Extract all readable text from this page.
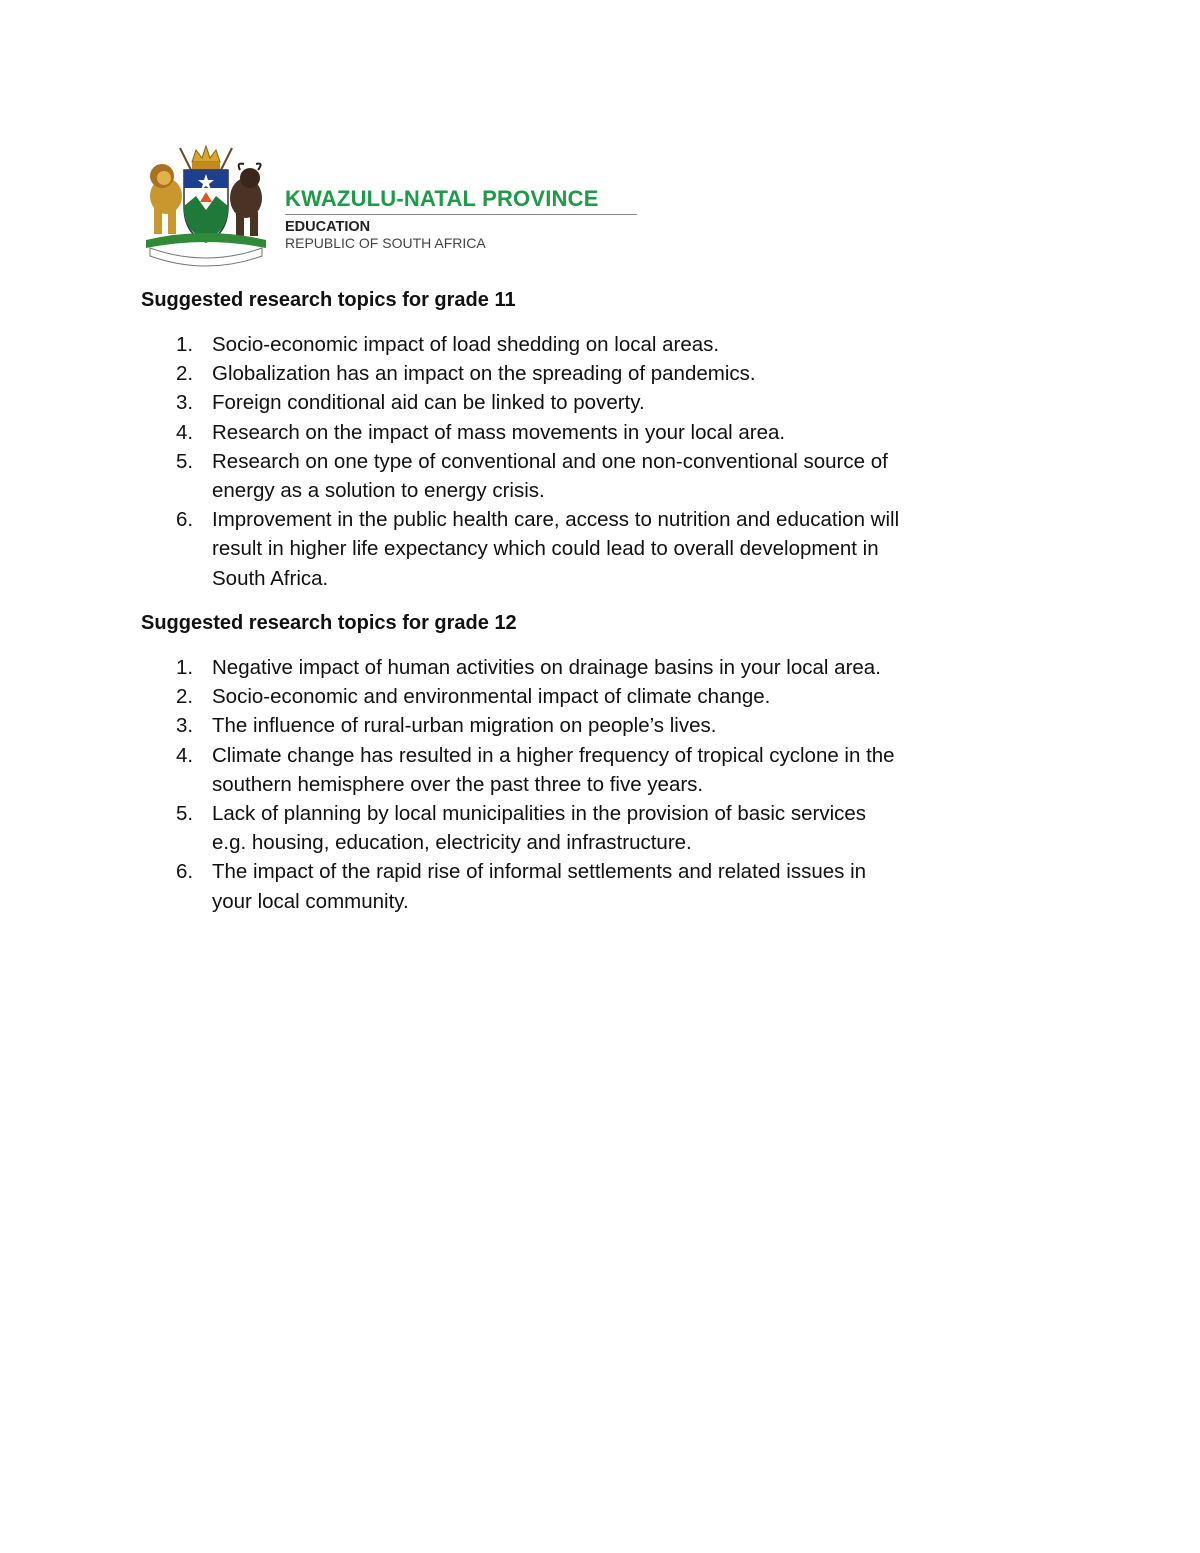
KWAZULU-NATAL PROVINCE
EDUCATION
REPUBLIC OF SOUTH AFRICA
Suggested research topics for grade 11
1. Socio-economic impact of load shedding on local areas.
2. Globalization has an impact on the spreading of pandemics.
3. Foreign conditional aid can be linked to poverty.
4. Research on the impact of mass movements in your local area.
5. Research on one type of conventional and one non-conventional source of energy as a solution to energy crisis.
6. Improvement in the public health care, access to nutrition and education will result in higher life expectancy which could lead to overall development in South Africa.
Suggested research topics for grade 12
1. Negative impact of human activities on drainage basins in your local area.
2. Socio-economic and environmental impact of climate change.
3. The influence of rural-urban migration on people’s lives.
4. Climate change has resulted in a higher frequency of tropical cyclone in the southern hemisphere over the past three to five years.
5. Lack of planning by local municipalities in the provision of basic services e.g. housing, education, electricity and infrastructure.
6. The impact of the rapid rise of informal settlements and related issues in your local community.
